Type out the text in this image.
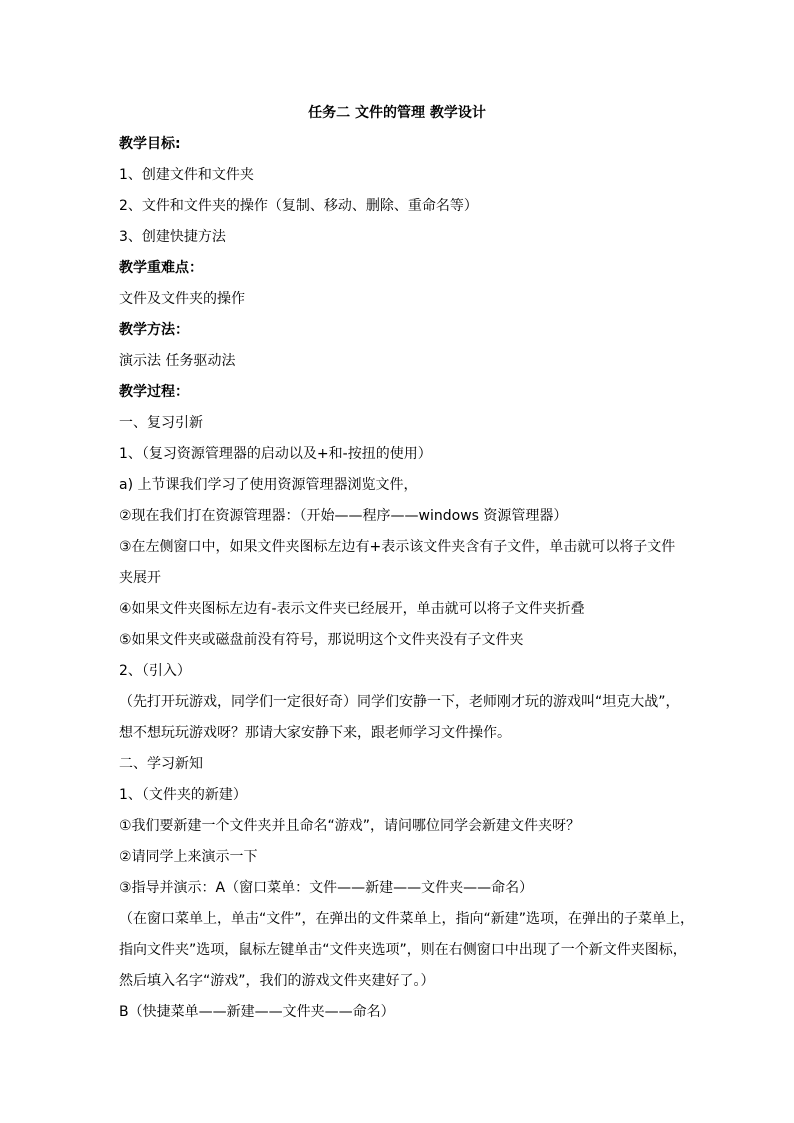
任务二 文件的管理 教学设计
教学目标:
1、创建文件和文件夹
2、文件和文件夹的操作（复制、移动、删除、重命名等）
3、创建快捷方法
教学重难点：
文件及文件夹的操作
教学方法：
演示法 任务驱动法
教学过程：
一、复习引新
1、（复习资源管理器的启动以及+和-按扭的使用）
a) 上节课我们学习了使用资源管理器浏览文件，
②现在我们打在资源管理器：（开始——程序——windows 资源管理器）
③在左侧窗口中，如果文件夹图标左边有+表示该文件夹含有子文件，单击就可以将子文件
夹展开
④如果文件夹图标左边有-表示文件夹已经展开，单击就可以将子文件夹折叠
⑤如果文件夹或磁盘前没有符号，那说明这个文件夹没有子文件夹
2、（引入）
（先打开玩游戏，同学们一定很好奇）同学们安静一下，老师刚才玩的游戏叫“坦克大战”，
想不想玩玩游戏呀？那请大家安静下来，跟老师学习文件操作。
二、学习新知
1、（文件夹的新建）
①我们要新建一个文件夹并且命名“游戏”，请问哪位同学会新建文件夹呀？
②请同学上来演示一下
③指导并演示：A（窗口菜单：文件——新建——文件夹——命名）
（在窗口菜单上，单击“文件”，在弹出的文件菜单上，指向“新建”选项，在弹出的子菜单上，
指向文件夹”选项，鼠标左键单击“文件夹选项”，则在右侧窗口中出现了一个新文件夹图标，
然后填入名字“游戏”，我们的游戏文件夹建好了。）
B（快捷菜单——新建——文件夹——命名）
